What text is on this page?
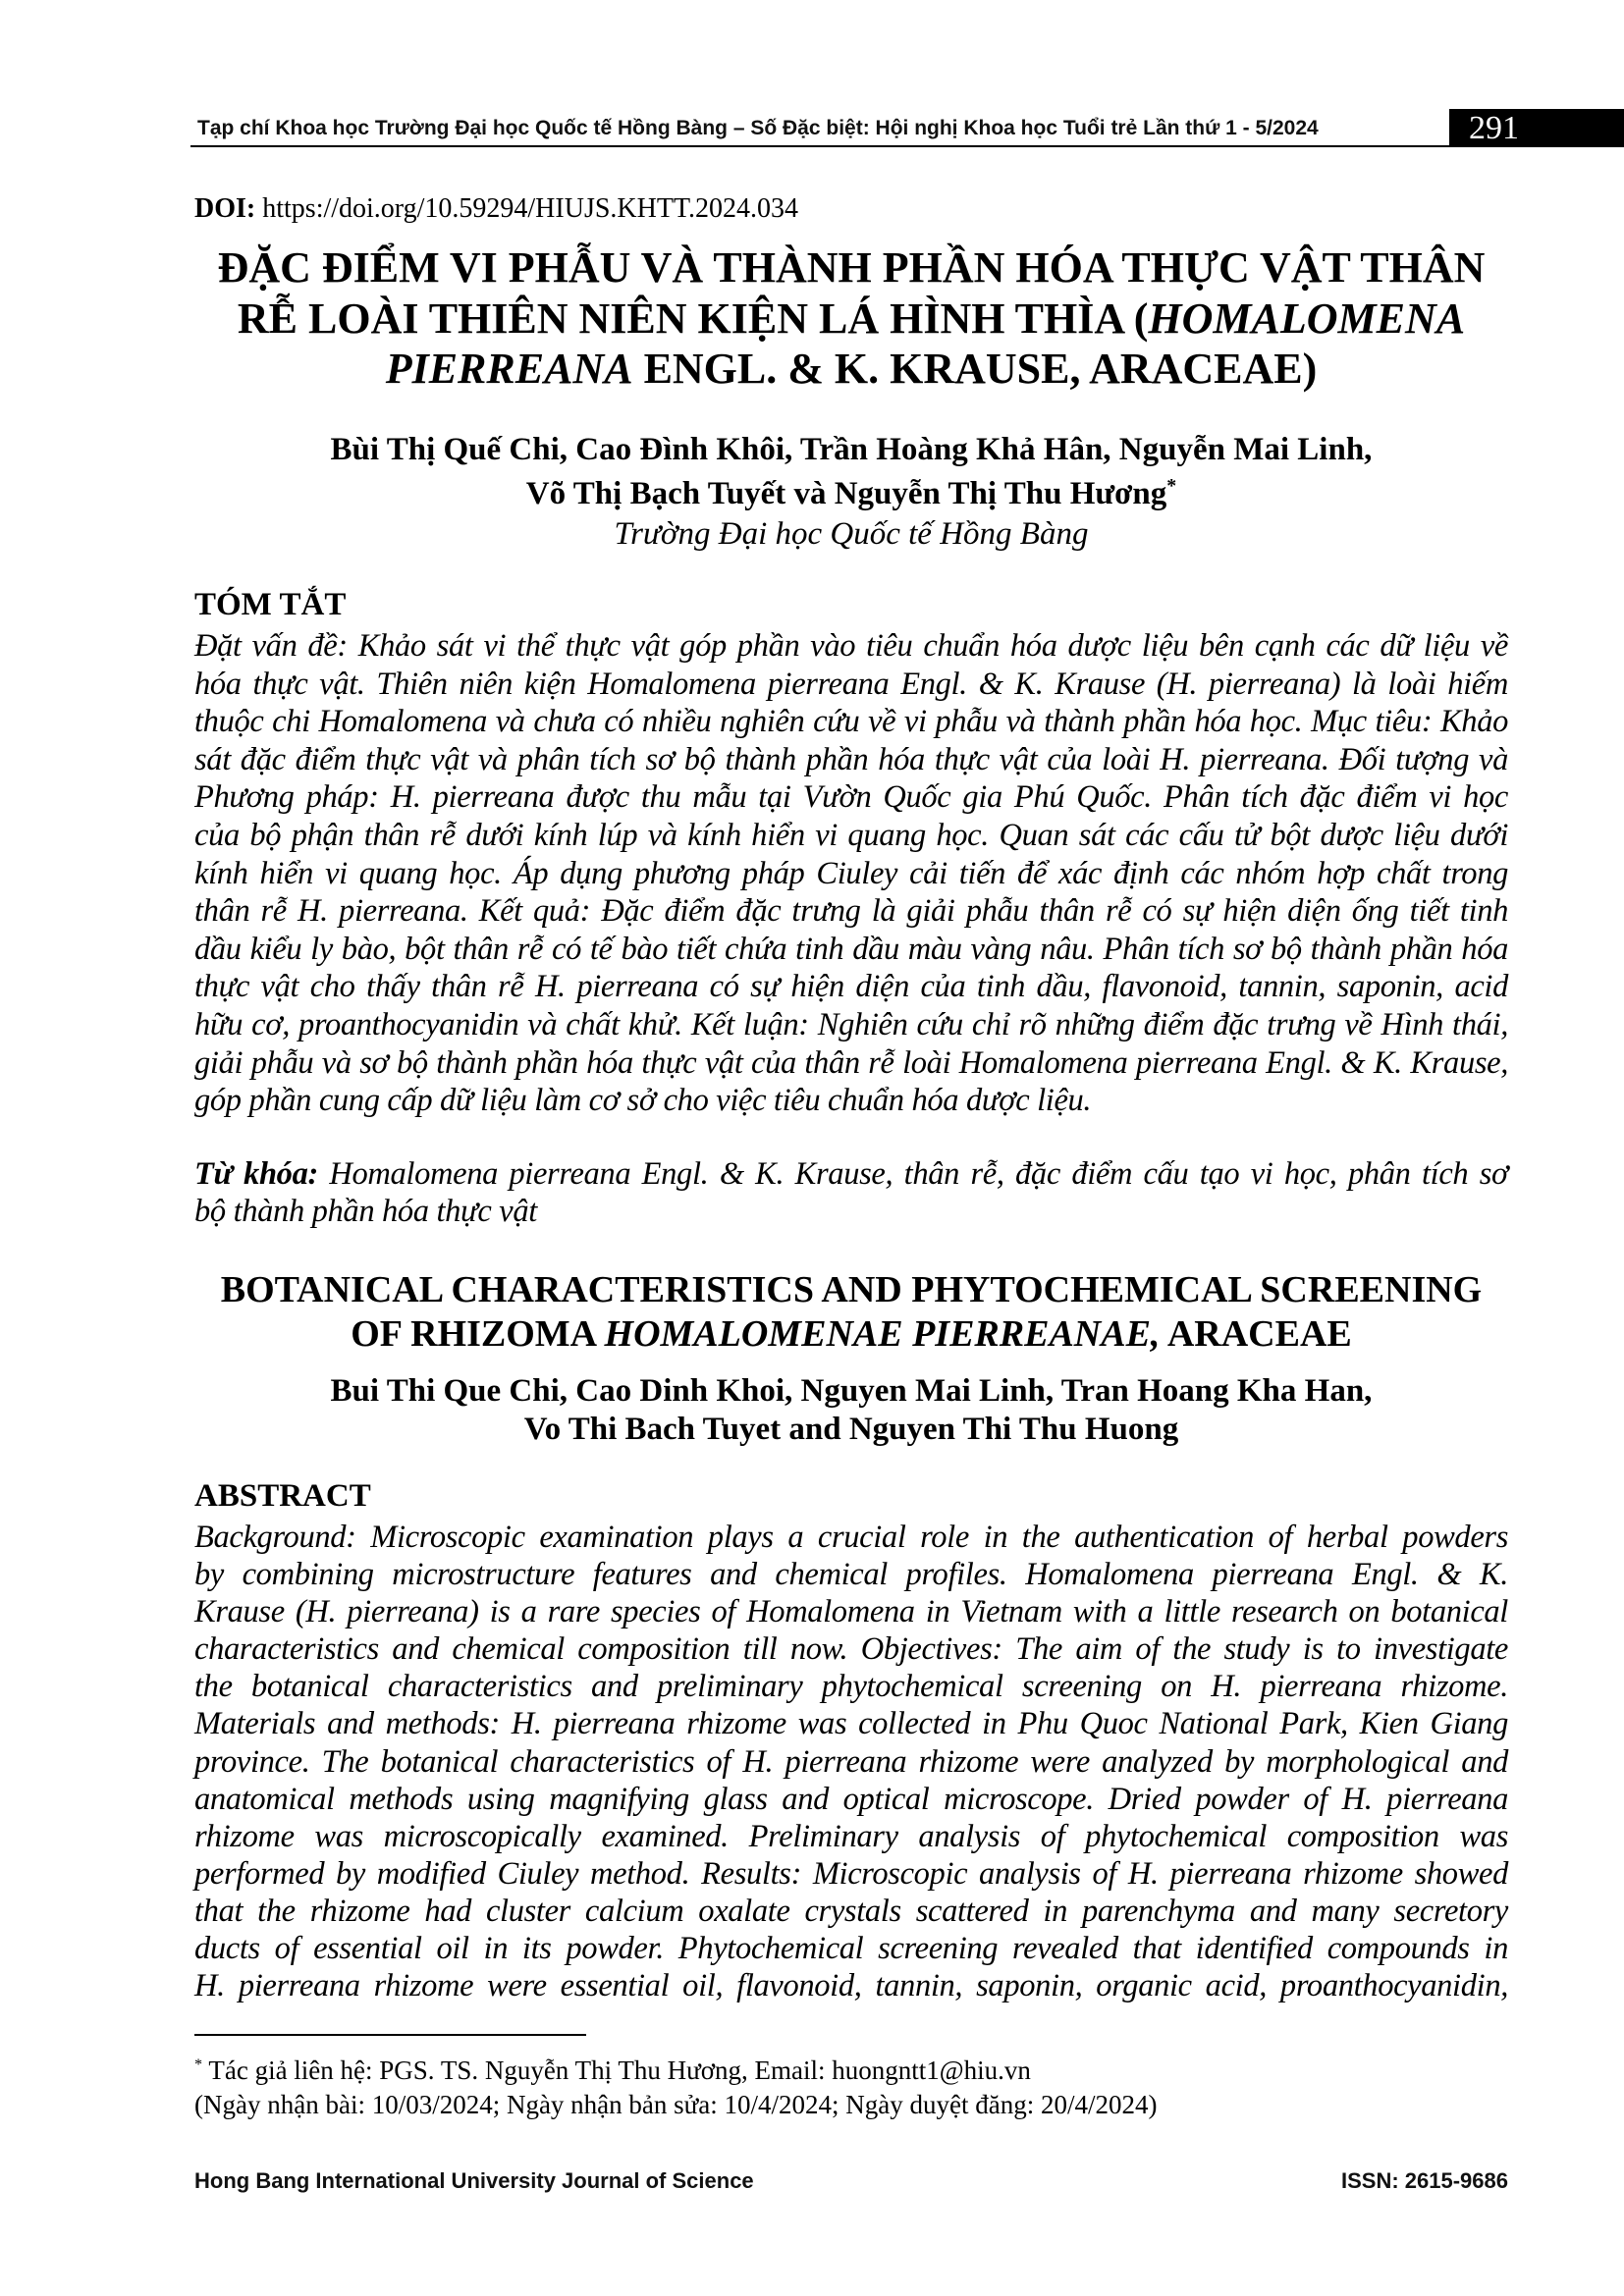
Tạp chí Khoa học Trường Đại học Quốc tế Hồng Bàng – Số Đặc biệt: Hội nghị Khoa học Tuổi trẻ Lần thứ 1 - 5/2024	291
DOI: https://doi.org/10.59294/HIUJS.KHTT.2024.034
ĐẶC ĐIỂM VI PHẪU VÀ THÀNH PHẦN HÓA THỰC VẬT THÂN
RỄ LOÀI THIÊN NIÊN KIỆN LÁ HÌNH THÌA (HOMALOMENA
PIERREANA ENGL. & K. KRAUSE, ARACEAE)
Bùi Thị Quế Chi, Cao Đình Khôi, Trần Hoàng Khả Hân, Nguyễn Mai Linh,
Võ Thị Bạch Tuyết và Nguyễn Thị Thu Hương*
Trường Đại học Quốc tế Hồng Bàng
TÓM TẮT
Đặt vấn đề: Khảo sát vi thể thực vật góp phần vào tiêu chuẩn hóa dược liệu bên cạnh các dữ liệu về
hóa thực vật. Thiên niên kiện Homalomena pierreana Engl. & K. Krause (H. pierreana) là loài hiếm
thuộc chi Homalomena và chưa có nhiều nghiên cứu về vi phẫu và thành phần hóa học. Mục tiêu: Khảo
sát đặc điểm thực vật và phân tích sơ bộ thành phần hóa thực vật của loài H. pierreana. Đối tượng và
Phương pháp: H. pierreana được thu mẫu tại Vườn Quốc gia Phú Quốc. Phân tích đặc điểm vi học
của bộ phận thân rễ dưới kính lúp và kính hiển vi quang học. Quan sát các cấu tử bột dược liệu dưới
kính hiển vi quang học. Áp dụng phương pháp Ciuley cải tiến để xác định các nhóm hợp chất trong
thân rễ H. pierreana. Kết quả: Đặc điểm đặc trưng là giải phẫu thân rễ có sự hiện diện ống tiết tinh
dầu kiểu ly bào, bột thân rễ có tế bào tiết chứa tinh dầu màu vàng nâu. Phân tích sơ bộ thành phần hóa
thực vật cho thấy thân rễ H. pierreana có sự hiện diện của tinh dầu, flavonoid, tannin, saponin, acid
hữu cơ, proanthocyanidin và chất khử. Kết luận: Nghiên cứu chỉ rõ những điểm đặc trưng về Hình thái,
giải phẫu và sơ bộ thành phần hóa thực vật của thân rễ loài Homalomena pierreana Engl. & K. Krause,
góp phần cung cấp dữ liệu làm cơ sở cho việc tiêu chuẩn hóa dược liệu.
Từ khóa: Homalomena pierreana Engl. & K. Krause, thân rễ, đặc điểm cấu tạo vi học, phân tích sơ
bộ thành phần hóa thực vật
BOTANICAL CHARACTERISTICS AND PHYTOCHEMICAL SCREENING
OF RHIZOMA HOMALOMENAE PIERREANAE, ARACEAE
Bui Thi Que Chi, Cao Dinh Khoi, Nguyen Mai Linh, Tran Hoang Kha Han,
Vo Thi Bach Tuyet and Nguyen Thi Thu Huong
ABSTRACT
Background: Microscopic examination plays a crucial role in the authentication of herbal powders
by combining microstructure features and chemical profiles. Homalomena pierreana Engl. & K.
Krause (H. pierreana) is a rare species of Homalomena in Vietnam with a little research on botanical
characteristics and chemical composition till now. Objectives: The aim of the study is to investigate
the botanical characteristics and preliminary phytochemical screening on H. pierreana rhizome.
Materials and methods: H. pierreana rhizome was collected in Phu Quoc National Park, Kien Giang
province. The botanical characteristics of H. pierreana rhizome were analyzed by morphological and
anatomical methods using magnifying glass and optical microscope. Dried powder of H. pierreana
rhizome was microscopically examined. Preliminary analysis of phytochemical composition was
performed by modified Ciuley method. Results: Microscopic analysis of H. pierreana rhizome showed
that the rhizome had cluster calcium oxalate crystals scattered in parenchyma and many secretory
ducts of essential oil in its powder. Phytochemical screening revealed that identified compounds in
H. pierreana rhizome were essential oil, flavonoid, tannin, saponin, organic acid, proanthocyanidin,
* Tác giả liên hệ: PGS. TS. Nguyễn Thị Thu Hương, Email: huongntt1@hiu.vn
(Ngày nhận bài: 10/03/2024; Ngày nhận bản sửa: 10/4/2024; Ngày duyệt đăng: 20/4/2024)
Hong Bang International University Journal of Science	ISSN: 2615-9686
